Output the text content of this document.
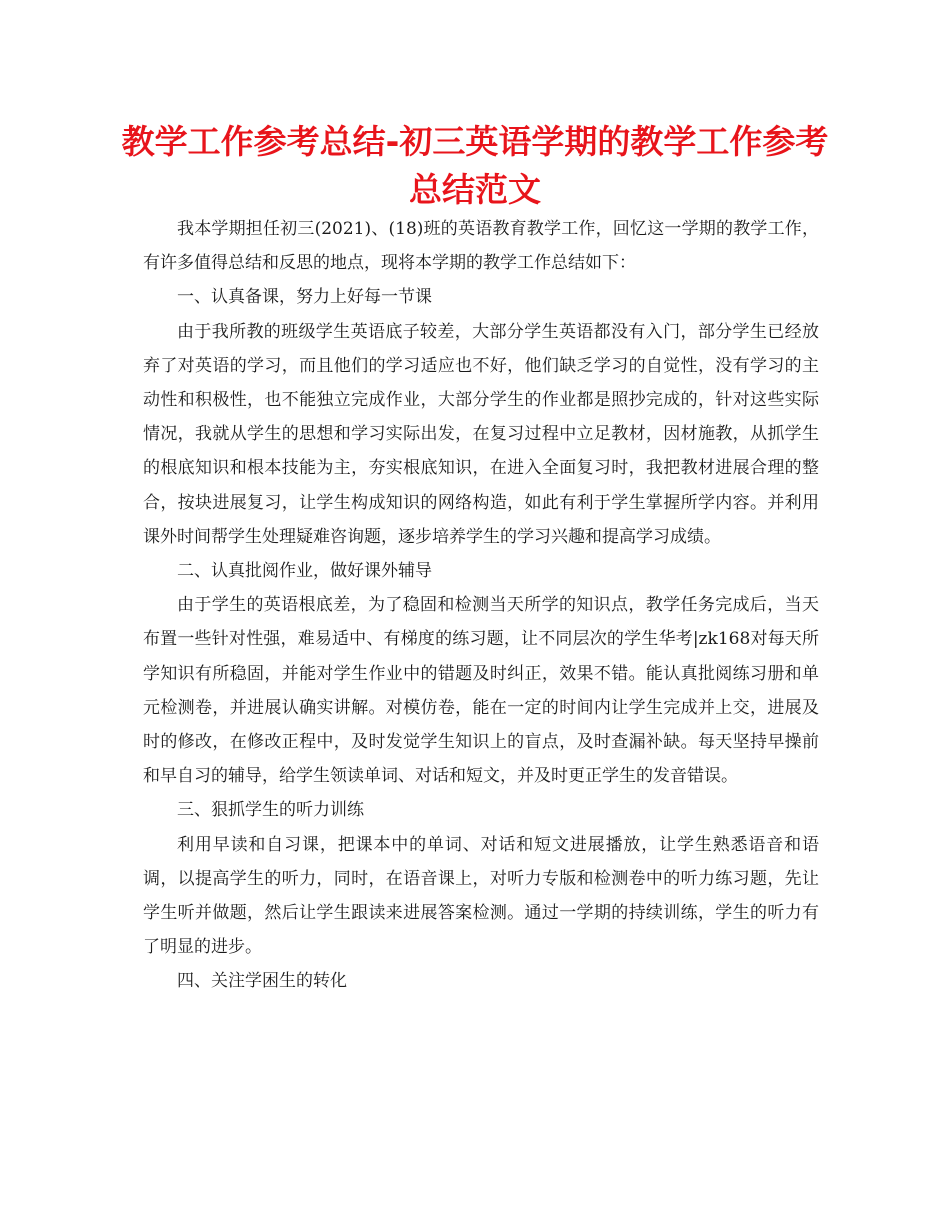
教学工作参考总结-初三英语学期的教学工作参考总结范文

我本学期担任初三(2021)、(18)班的英语教育教学工作，回忆这一学期的教学工作，有许多值得总结和反思的地点，现将本学期的教学工作总结如下：

一、认真备课，努力上好每一节课

由于我所教的班级学生英语底子较差，大部分学生英语都没有入门，部分学生已经放弃了对英语的学习，而且他们的学习适应也不好，他们缺乏学习的自觉性，没有学习的主动性和积极性，也不能独立完成作业，大部分学生的作业都是照抄完成的，针对这些实际情况，我就从学生的思想和学习实际出发，在复习过程中立足教材，因材施教，从抓学生的根底知识和根本技能为主，夯实根底知识，在进入全面复习时，我把教材进展合理的整合，按块进展复习，让学生构成知识的网络构造，如此有利于学生掌握所学内容。并利用课外时间帮学生处理疑难咨询题，逐步培养学生的学习兴趣和提高学习成绩。

二、认真批阅作业，做好课外辅导

由于学生的英语根底差，为了稳固和检测当天所学的知识点，教学任务完成后，当天布置一些针对性强，难易适中、有梯度的练习题，让不同层次的学生华考|zk168对每天所学知识有所稳固，并能对学生作业中的错题及时纠正，效果不错。能认真批阅练习册和单元检测卷，并进展认确实讲解。对模仿卷，能在一定的时间内让学生完成并上交，进展及时的修改，在修改正程中，及时发觉学生知识上的盲点，及时查漏补缺。每天坚持早操前和早自习的辅导，给学生领读单词、对话和短文，并及时更正学生的发音错误。

三、狠抓学生的听力训练

利用早读和自习课，把课本中的单词、对话和短文进展播放，让学生熟悉语音和语调，以提高学生的听力，同时，在语音课上，对听力专版和检测卷中的听力练习题，先让学生听并做题，然后让学生跟读来进展答案检测。通过一学期的持续训练，学生的听力有了明显的进步。

四、关注学困生的转化
